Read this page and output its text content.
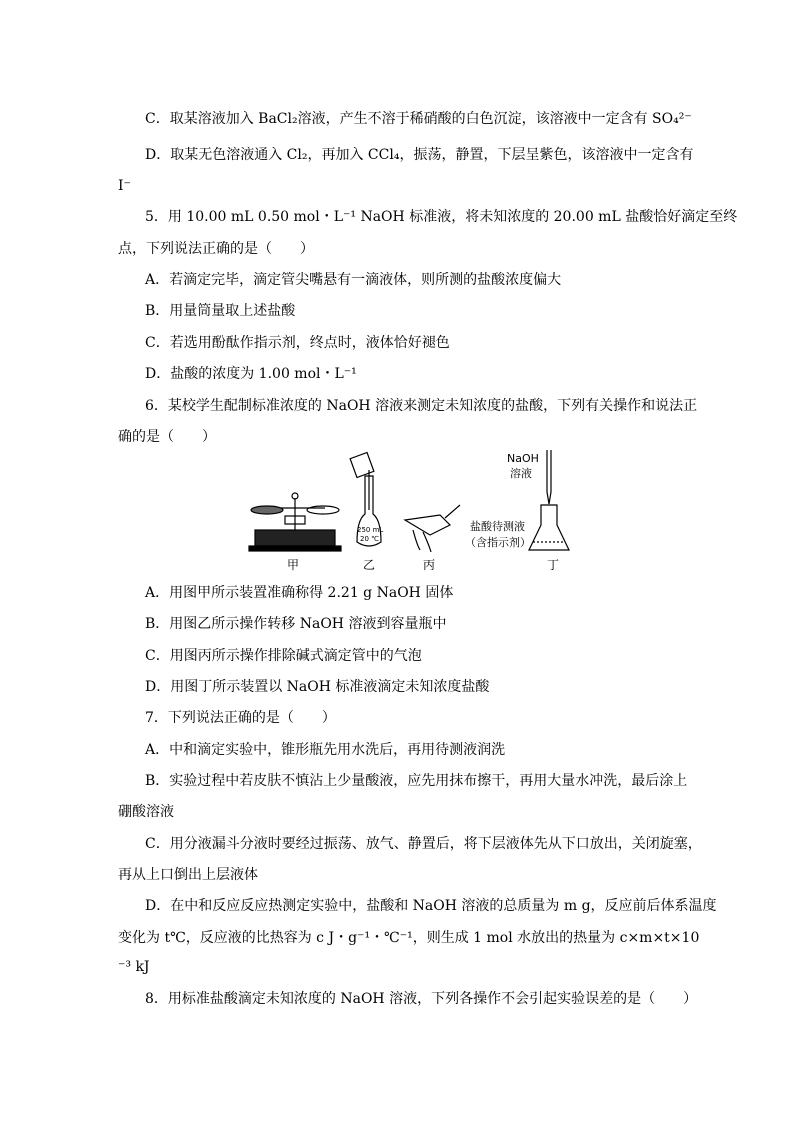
C．取某溶液加入 BaCl₂溶液，产生不溶于稀硝酸的白色沉淀，该溶液中一定含有 SO₄²⁻
D．取某无色溶液通入 Cl₂，再加入 CCl₄，振荡，静置，下层呈紫色，该溶液中一定含有
I⁻
5．用 10.00 mL 0.50 mol・L⁻¹ NaOH 标准液，将未知浓度的 20.00 mL 盐酸恰好滴定至终
点，下列说法正确的是（　　）
A．若滴定完毕，滴定管尖嘴悬有一滴液体，则所测的盐酸浓度偏大
B．用量筒量取上述盐酸
C．若选用酚酞作指示剂，终点时，液体恰好褪色
D．盐酸的浓度为 1.00 mol・L⁻¹
6．某校学生配制标准浓度的 NaOH 溶液来测定未知浓度的盐酸，下列有关操作和说法正
确的是（　　）
甲	乙	丙	丁
250 mL
20 ℃
NaOH
溶液
盐酸待测液
（含指示剂）
A．用图甲所示装置准确称得 2.21 g NaOH 固体
B．用图乙所示操作转移 NaOH 溶液到容量瓶中
C．用图丙所示操作排除碱式滴定管中的气泡
D．用图丁所示装置以 NaOH 标准液滴定未知浓度盐酸
7．下列说法正确的是（　　）
A．中和滴定实验中，锥形瓶先用水洗后，再用待测液润洗
B．实验过程中若皮肤不慎沾上少量酸液，应先用抹布擦干，再用大量水冲洗，最后涂上
硼酸溶液
C．用分液漏斗分液时要经过振荡、放气、静置后，将下层液体先从下口放出，关闭旋塞，
再从上口倒出上层液体
D．在中和反应反应热测定实验中，盐酸和 NaOH 溶液的总质量为 m g，反应前后体系温度
变化为 t℃，反应液的比热容为 c J・g⁻¹・℃⁻¹，则生成 1 mol 水放出的热量为 c×m×t×10
⁻³ kJ
8．用标准盐酸滴定未知浓度的 NaOH 溶液，下列各操作不会引起实验误差的是（　　）
